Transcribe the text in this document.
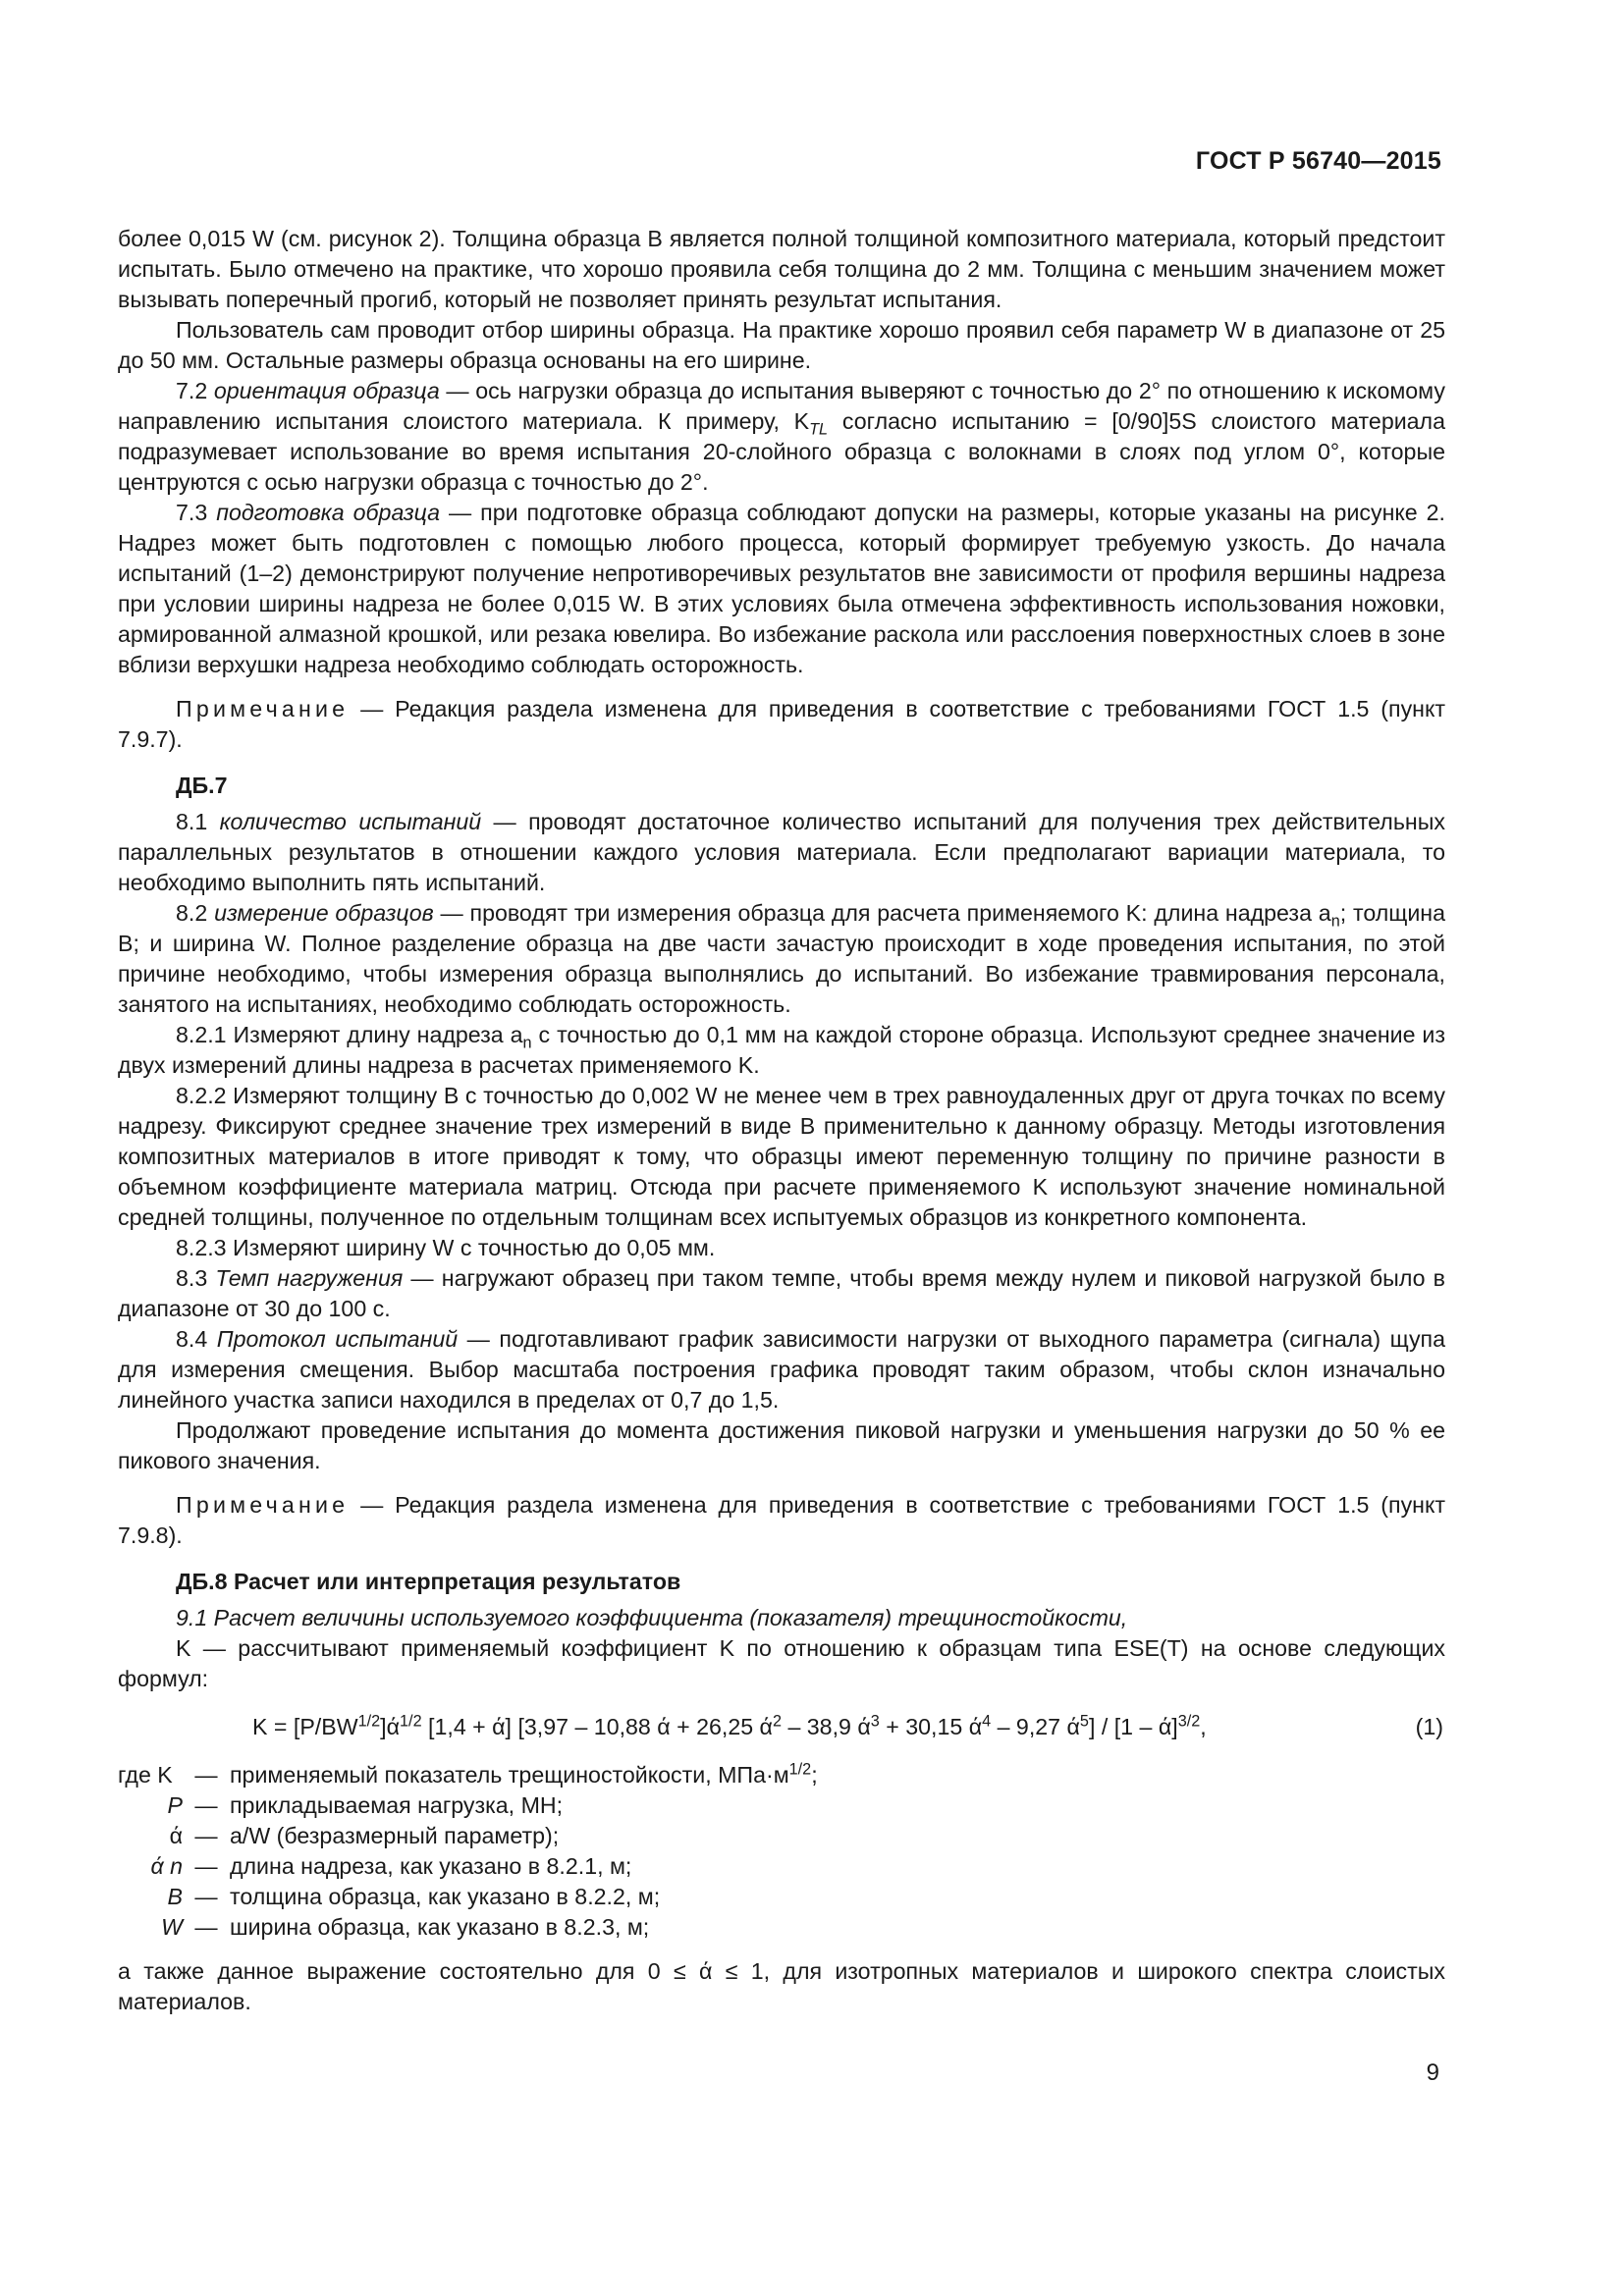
ГОСТ Р 56740—2015

более 0,015 W (см. рисунок 2). Толщина образца B является полной толщиной композитного материала, который предстоит испытать. Было отмечено на практике, что хорошо проявила себя толщина до 2 мм. Толщина с меньшим значением может вызывать поперечный прогиб, который не позволяет принять результат испытания.

Пользователь сам проводит отбор ширины образца. На практике хорошо проявил себя параметр W в диапазоне от 25 до 50 мм. Остальные размеры образца основаны на его ширине.

7.2 ориентация образца — ось нагрузки образца до испытания выверяют с точностью до 2° по отношению к искомому направлению испытания слоистого материала. К примеру, $K_{TL}$ согласно испытанию = [0/90]5S слоистого материала подразумевает использование во время испытания 20-слойного образца с волокнами в слоях под углом 0°, которые центруются с осью нагрузки образца с точностью до 2°.

7.3 подготовка образца — при подготовке образца соблюдают допуски на размеры, которые указаны на рисунке 2. Надрез может быть подготовлен с помощью любого процесса, который формирует требуемую узкость. До начала испытаний (1–2) демонстрируют получение непротиворечивых результатов вне зависимости от профиля вершины надреза при условии ширины надреза не более 0,015 W. В этих условиях была отмечена эффективность использования ножовки, армированной алмазной крошкой, или резака ювелира. Во избежание раскола или расслоения поверхностных слоев в зоне вблизи верхушки надреза необходимо соблюдать осторожность.

Примечание — Редакция раздела изменена для приведения в соответствие с требованиями ГОСТ 1.5 (пункт 7.9.7).

ДБ.7

8.1 количество испытаний — проводят достаточное количество испытаний для получения трех действительных параллельных результатов в отношении каждого условия материала. Если предполагают вариации материала, то необходимо выполнить пять испытаний.

8.2 измерение образцов — проводят три измерения образца для расчета применяемого K: длина надреза $a_n$; толщина B; и ширина W. Полное разделение образца на две части зачастую происходит в ходе проведения испытания, по этой причине необходимо, чтобы измерения образца выполнялись до испытаний. Во избежание травмирования персонала, занятого на испытаниях, необходимо соблюдать осторожность.

8.2.1 Измеряют длину надреза $a_n$ с точностью до 0,1 мм на каждой стороне образца. Используют среднее значение из двух измерений длины надреза в расчетах применяемого K.

8.2.2 Измеряют толщину B с точностью до 0,002 W не менее чем в трех равноудаленных друг от друга точках по всему надрезу. Фиксируют среднее значение трех измерений в виде B применительно к данному образцу. Методы изготовления композитных материалов в итоге приводят к тому, что образцы имеют переменную толщину по причине разности в объемном коэффициенте материала матриц. Отсюда при расчете применяемого K используют значение номинальной средней толщины, полученное по отдельным толщинам всех испытуемых образцов из конкретного компонента.

8.2.3 Измеряют ширину W с точностью до 0,05 мм.

8.3 Темп нагружения — нагружают образец при таком темпе, чтобы время между нулем и пиковой нагрузкой было в диапазоне от 30 до 100 с.

8.4 Протокол испытаний — подготавливают график зависимости нагрузки от выходного параметра (сигнала) щупа для измерения смещения. Выбор масштаба построения графика проводят таким образом, чтобы склон изначально линейного участка записи находился в пределах от 0,7 до 1,5.

Продолжают проведение испытания до момента достижения пиковой нагрузки и уменьшения нагрузки до 50 % ее пикового значения.

Примечание — Редакция раздела изменена для приведения в соответствие с требованиями ГОСТ 1.5 (пункт 7.9.8).

ДБ.8 Расчет или интерпретация результатов

9.1 Расчет величины используемого коэффициента (показателя) трещиностойкости,

K — рассчитывают применяемый коэффициент K по отношению к образцам типа ESE(T) на основе следующих формул:

$K = [P/BW^{1/2}]ά^{1/2}$ [1,4 + ά] [3,97 – 10,88 ά + 26,25 $ά^2 - 38,9$ $ά^3 + 30,15$ $ά^4 - 9,27$ $ά^5] / [1 - ά]^{3/2}$,	(1)
где K — применяемый показатель трещиностойкости, $МПа\cdot м^{1/2}$;
P — прикладываемая нагрузка, МН;
ά — a/W (безразмерный параметр);
ά n — длина надреза, как указано в 8.2.1, м;
B — толщина образца, как указано в 8.2.2, м;
W — ширина образца, как указано в 8.2.3, м;

а также данное выражение состоятельно для 0 ≤ ά ≤ 1, для изотропных материалов и широкого спектра слоистых материалов.

9
